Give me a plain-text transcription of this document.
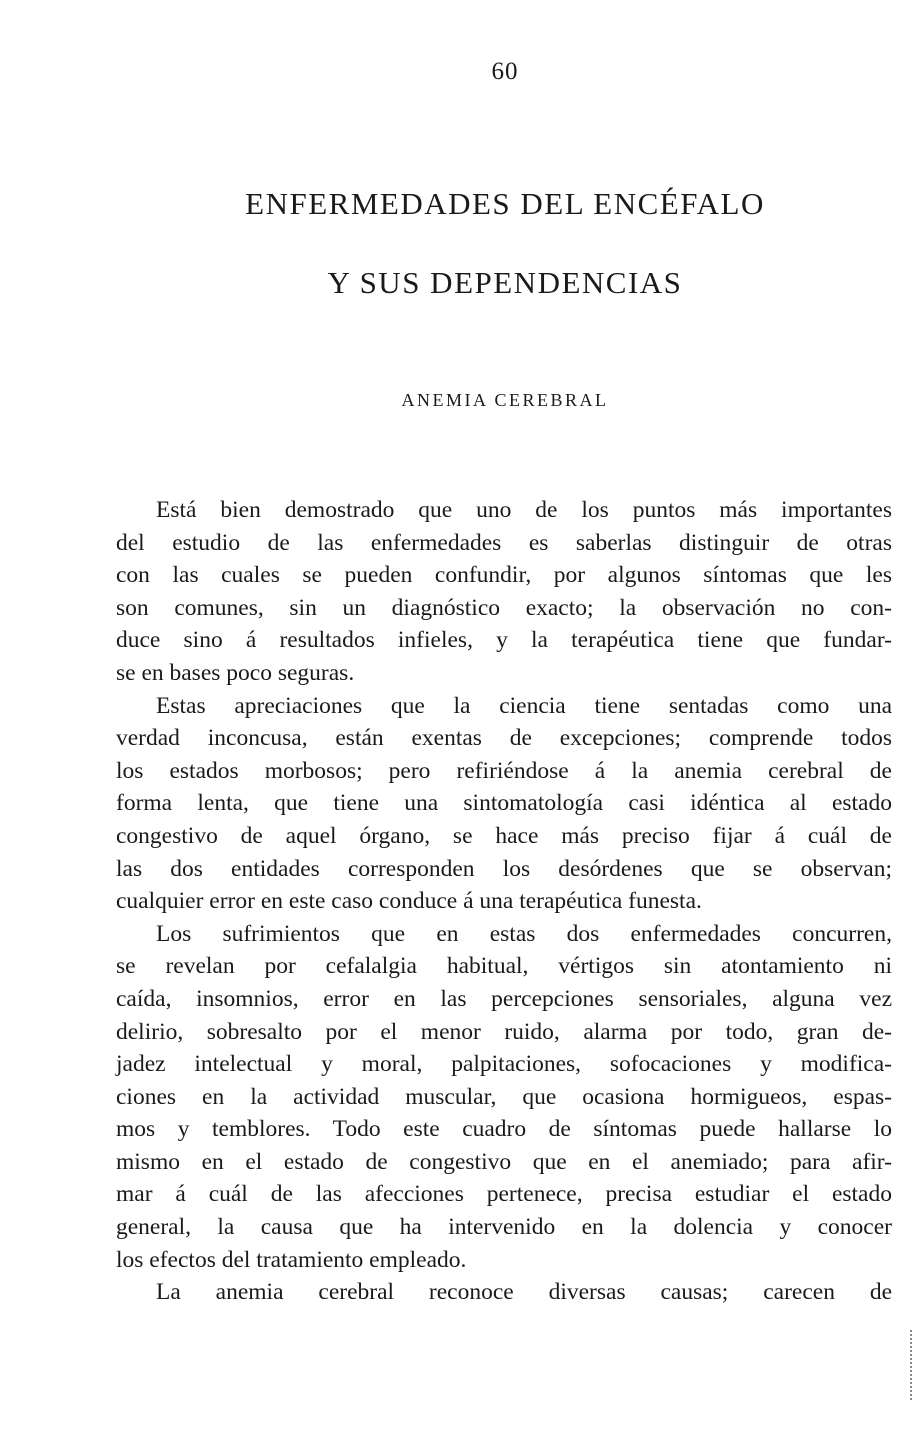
60
ENFERMEDADES DEL ENCÉFALO
Y SUS DEPENDENCIAS
ANEMIA CEREBRAL
Está bien demostrado que uno de los puntos más importantes
del estudio de las enfermedades es saberlas distinguir de otras
con las cuales se pueden confundir, por algunos síntomas que les
son comunes, sin un diagnóstico exacto; la observación no con-
duce sino á resultados infieles, y la terapéutica tiene que fundar-
se en bases poco seguras.
Estas apreciaciones que la ciencia tiene sentadas como una
verdad inconcusa, están exentas de excepciones; comprende todos
los estados morbosos; pero refiriéndose á la anemia cerebral de
forma lenta, que tiene una sintomatología casi idéntica al estado
congestivo de aquel órgano, se hace más preciso fijar á cuál de
las dos entidades corresponden los desórdenes que se observan;
cualquier error en este caso conduce á una terapéutica funesta.
Los sufrimientos que en estas dos enfermedades concurren,
se revelan por cefalalgia habitual, vértigos sin atontamiento ni
caída, insomnios, error en las percepciones sensoriales, alguna vez
delirio, sobresalto por el menor ruido, alarma por todo, gran de-
jadez intelectual y moral, palpitaciones, sofocaciones y modifica-
ciones en la actividad muscular, que ocasiona hormigueos, espas-
mos y temblores. Todo este cuadro de síntomas puede hallarse lo
mismo en el estado de congestivo que en el anemiado; para afir-
mar á cuál de las afecciones pertenece, precisa estudiar el estado
general, la causa que ha intervenido en la dolencia y conocer
los efectos del tratamiento empleado.
La anemia cerebral reconoce diversas causas; carecen de
